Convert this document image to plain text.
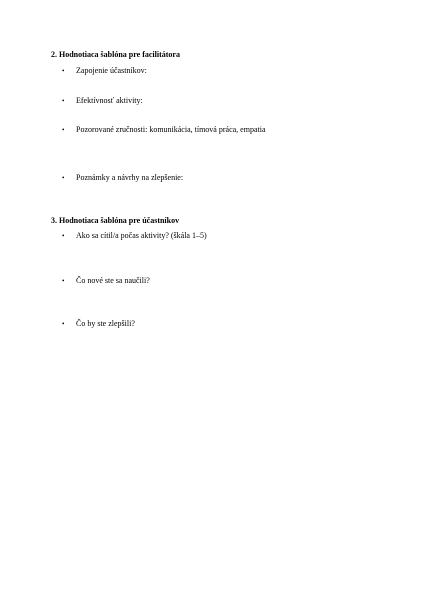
2. Hodnotiaca šablóna pre facilitátora
• Zapojenie účastníkov:
• Efektívnosť aktivity:
• Pozorované zručnosti: komunikácia, tímová práca, empatia
• Poznámky a návrhy na zlepšenie:
3. Hodnotiaca šablóna pre účastníkov
• Ako sa cítil/a počas aktivity? (škála 1–5)
• Čo nové ste sa naučili?
• Čo by ste zlepšili?
